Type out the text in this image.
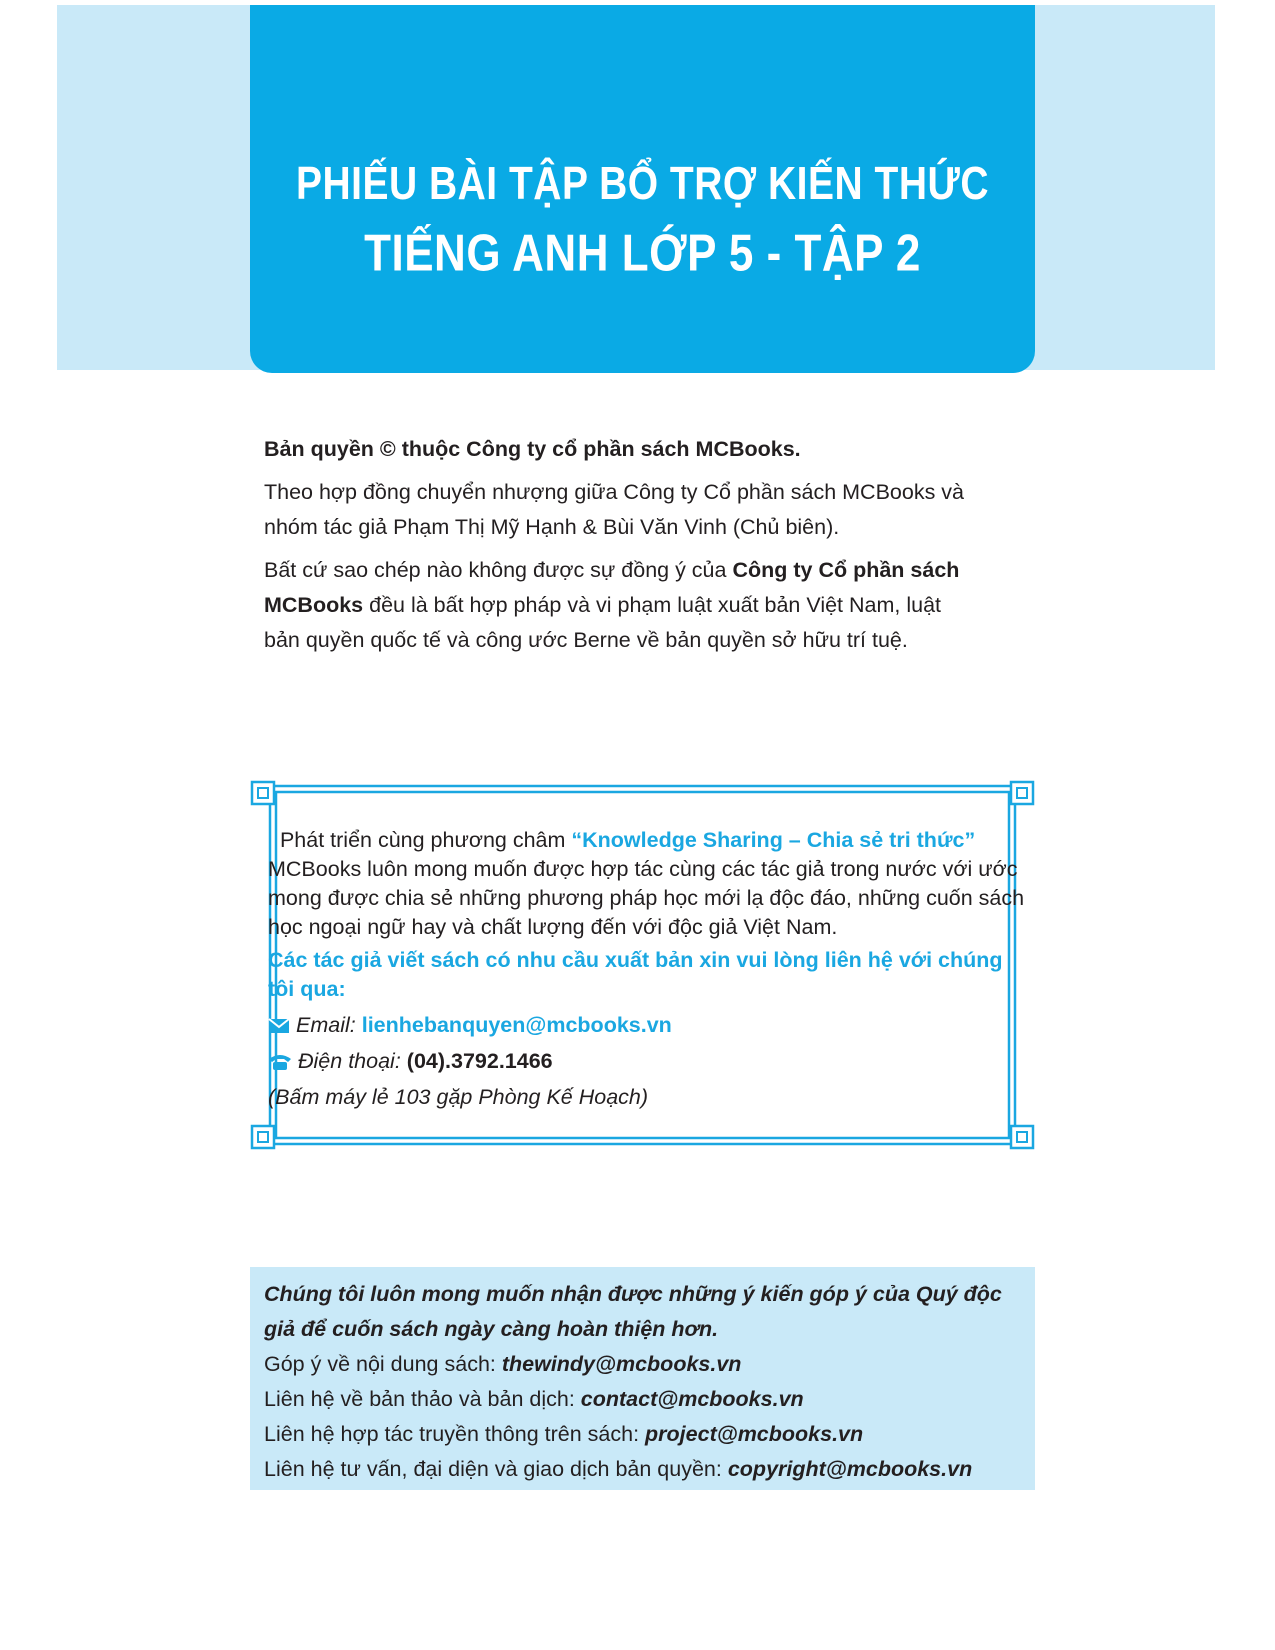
PHIẾU BÀI TẬP BỔ TRỢ KIẾN THỨC
TIẾNG ANH LỚP 5 - TẬP 2

Bản quyền © thuộc Công ty cổ phần sách MCBooks.

Theo hợp đồng chuyển nhượng giữa Công ty Cổ phần sách MCBooks và nhóm tác giả Phạm Thị Mỹ Hạnh & Bùi Văn Vinh (Chủ biên).

Bất cứ sao chép nào không được sự đồng ý của Công ty Cổ phần sách MCBooks đều là bất hợp pháp và vi phạm luật xuất bản Việt Nam, luật bản quyền quốc tế và công ước Berne về bản quyền sở hữu trí tuệ.

Phát triển cùng phương châm “Knowledge Sharing – Chia sẻ tri thức”

MCBooks luôn mong muốn được hợp tác cùng các tác giả trong nước với ước mong được chia sẻ những phương pháp học mới lạ độc đáo, những cuốn sách học ngoại ngữ hay và chất lượng đến với độc giả Việt Nam.

Các tác giả viết sách có nhu cầu xuất bản xin vui lòng liên hệ với chúng tôi qua:

Email: lienhebanquyen@mcbooks.vn

Điện thoại: (04).3792.1466

(Bấm máy lẻ 103 gặp Phòng Kế Hoạch)

Chúng tôi luôn mong muốn nhận được những ý kiến góp ý của Quý độc giả để cuốn sách ngày càng hoàn thiện hơn.

Góp ý về nội dung sách: thewindy@mcbooks.vn

Liên hệ về bản thảo và bản dịch: contact@mcbooks.vn

Liên hệ hợp tác truyền thông trên sách: project@mcbooks.vn

Liên hệ tư vấn, đại diện và giao dịch bản quyền: copyright@mcbooks.vn
